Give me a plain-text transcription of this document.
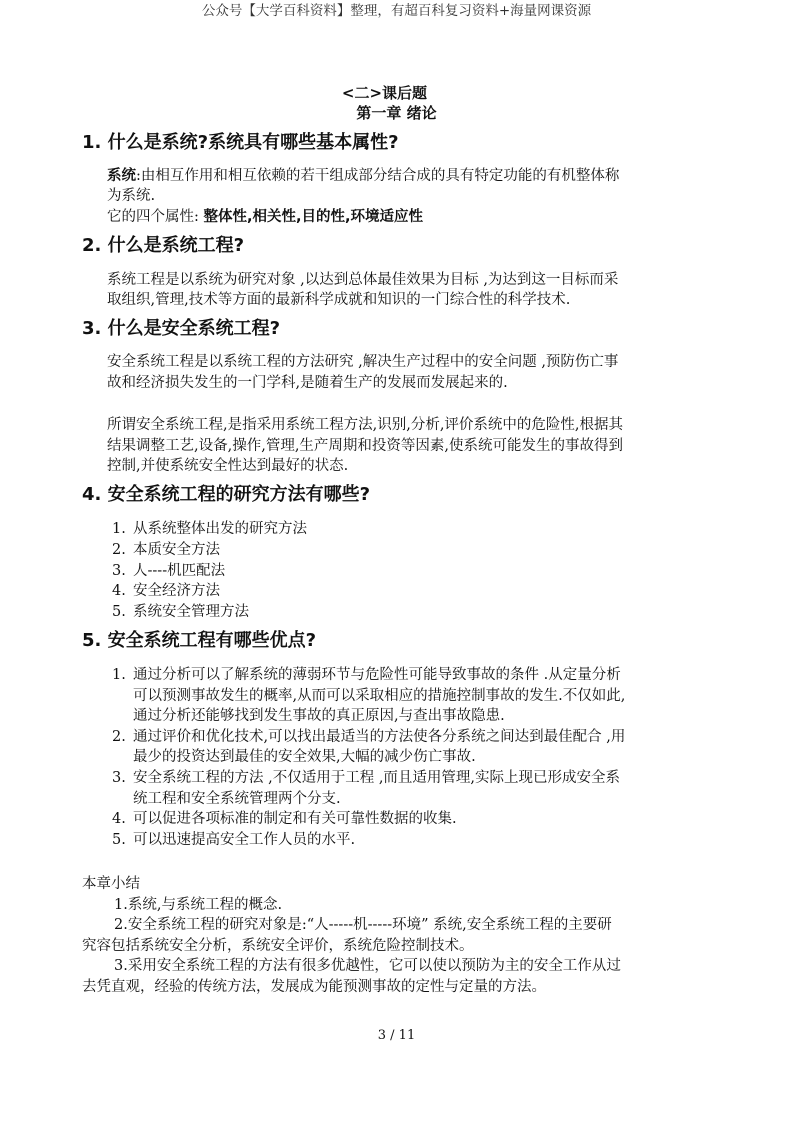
公众号【大学百科资料】整理，有超百科复习资料+海量网课资源
<二>课后题
第一章 绪论
1. 什么是系统?系统具有哪些基本属性?
系统:由相互作用和相互依赖的若干组成部分结合成的具有特定功能的有机整体称
为系统.
它的四个属性: 整体性,相关性,目的性,环境适应性
2. 什么是系统工程?
系统工程是以系统为研究对象 ,以达到总体最佳效果为目标 ,为达到这一目标而采
取组织,管理,技术等方面的最新科学成就和知识的一门综合性的科学技术.
3. 什么是安全系统工程?
安全系统工程是以系统工程的方法研究 ,解决生产过程中的安全问题 ,预防伤亡事
故和经济损失发生的一门学科,是随着生产的发展而发展起来的.
所谓安全系统工程,是指采用系统工程方法,识别,分析,评价系统中的危险性,根据其
结果调整工艺,设备,操作,管理,生产周期和投资等因素,使系统可能发生的事故得到
控制,并使系统安全性达到最好的状态.
4. 安全系统工程的研究方法有哪些?
1. 从系统整体出发的研究方法
2. 本质安全方法
3. 人----机匹配法
4. 安全经济方法
5. 系统安全管理方法
5. 安全系统工程有哪些优点?
1. 通过分析可以了解系统的薄弱环节与危险性可能导致事故的条件 .从定量分析
可以预测事故发生的概率,从而可以采取相应的措施控制事故的发生.不仅如此,
通过分析还能够找到发生事故的真正原因,与查出事故隐患.
2. 通过评价和优化技术,可以找出最适当的方法使各分系统之间达到最佳配合 ,用
最少的投资达到最佳的安全效果,大幅的减少伤亡事故.
3. 安全系统工程的方法 ,不仅适用于工程 ,而且适用管理,实际上现已形成安全系
统工程和安全系统管理两个分支.
4. 可以促进各项标准的制定和有关可靠性数据的收集.
5. 可以迅速提高安全工作人员的水平.
本章小结
1.系统,与系统工程的概念.
2.安全系统工程的研究对象是:“人-----机-----环境” 系统,安全系统工程的主要研
究容包括系统安全分析，系统安全评价，系统危险控制技术。
3.采用安全系统工程的方法有很多优越性，它可以使以预防为主的安全工作从过
去凭直观，经验的传统方法，发展成为能预测事故的定性与定量的方法。
3 / 11
